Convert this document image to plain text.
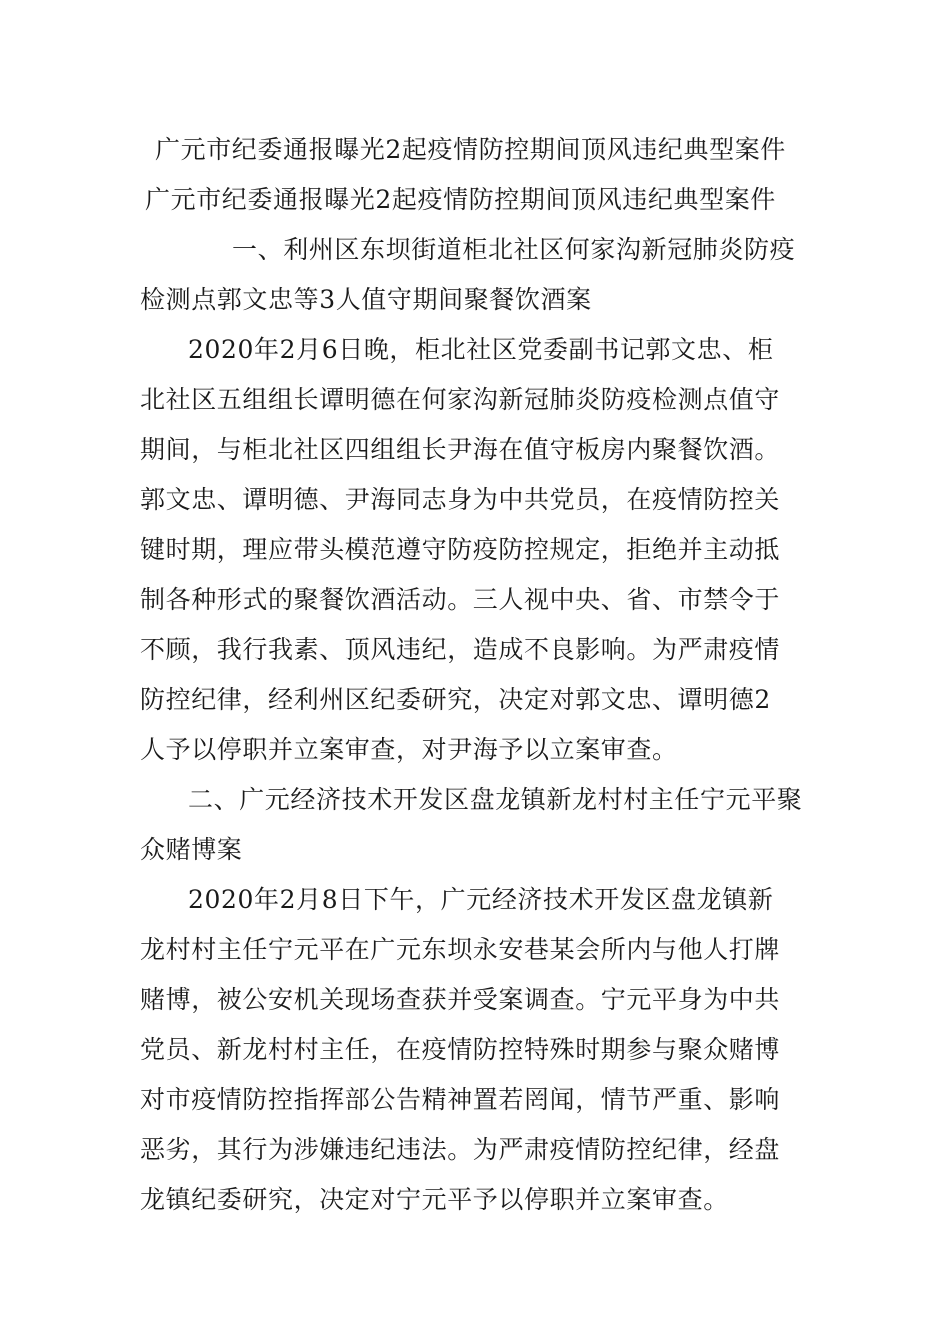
广元市纪委通报曝光2起疫情防控期间顶风违纪典型案件
广元市纪委通报曝光2起疫情防控期间顶风违纪典型案件
一、利州区东坝街道柜北社区何家沟新冠肺炎防疫
检测点郭文忠等3人值守期间聚餐饮酒案
2020年2月6日晚，柜北社区党委副书记郭文忠、柜
北社区五组组长谭明德在何家沟新冠肺炎防疫检测点值守
期间，与柜北社区四组组长尹海在值守板房内聚餐饮酒。
郭文忠、谭明德、尹海同志身为中共党员，在疫情防控关
键时期，理应带头模范遵守防疫防控规定，拒绝并主动抵
制各种形式的聚餐饮酒活动。三人视中央、省、市禁令于
不顾，我行我素、顶风违纪，造成不良影响。为严肃疫情
防控纪律，经利州区纪委研究，决定对郭文忠、谭明德2
人予以停职并立案审查，对尹海予以立案审查。
二、广元经济技术开发区盘龙镇新龙村村主任宁元平聚
众赌博案
2020年2月8日下午，广元经济技术开发区盘龙镇新
龙村村主任宁元平在广元东坝永安巷某会所内与他人打牌
赌博，被公安机关现场查获并受案调查。宁元平身为中共
党员、新龙村村主任，在疫情防控特殊时期参与聚众赌博
对市疫情防控指挥部公告精神置若罔闻，情节严重、影响
恶劣，其行为涉嫌违纪违法。为严肃疫情防控纪律，经盘
龙镇纪委研究，决定对宁元平予以停职并立案审查。
